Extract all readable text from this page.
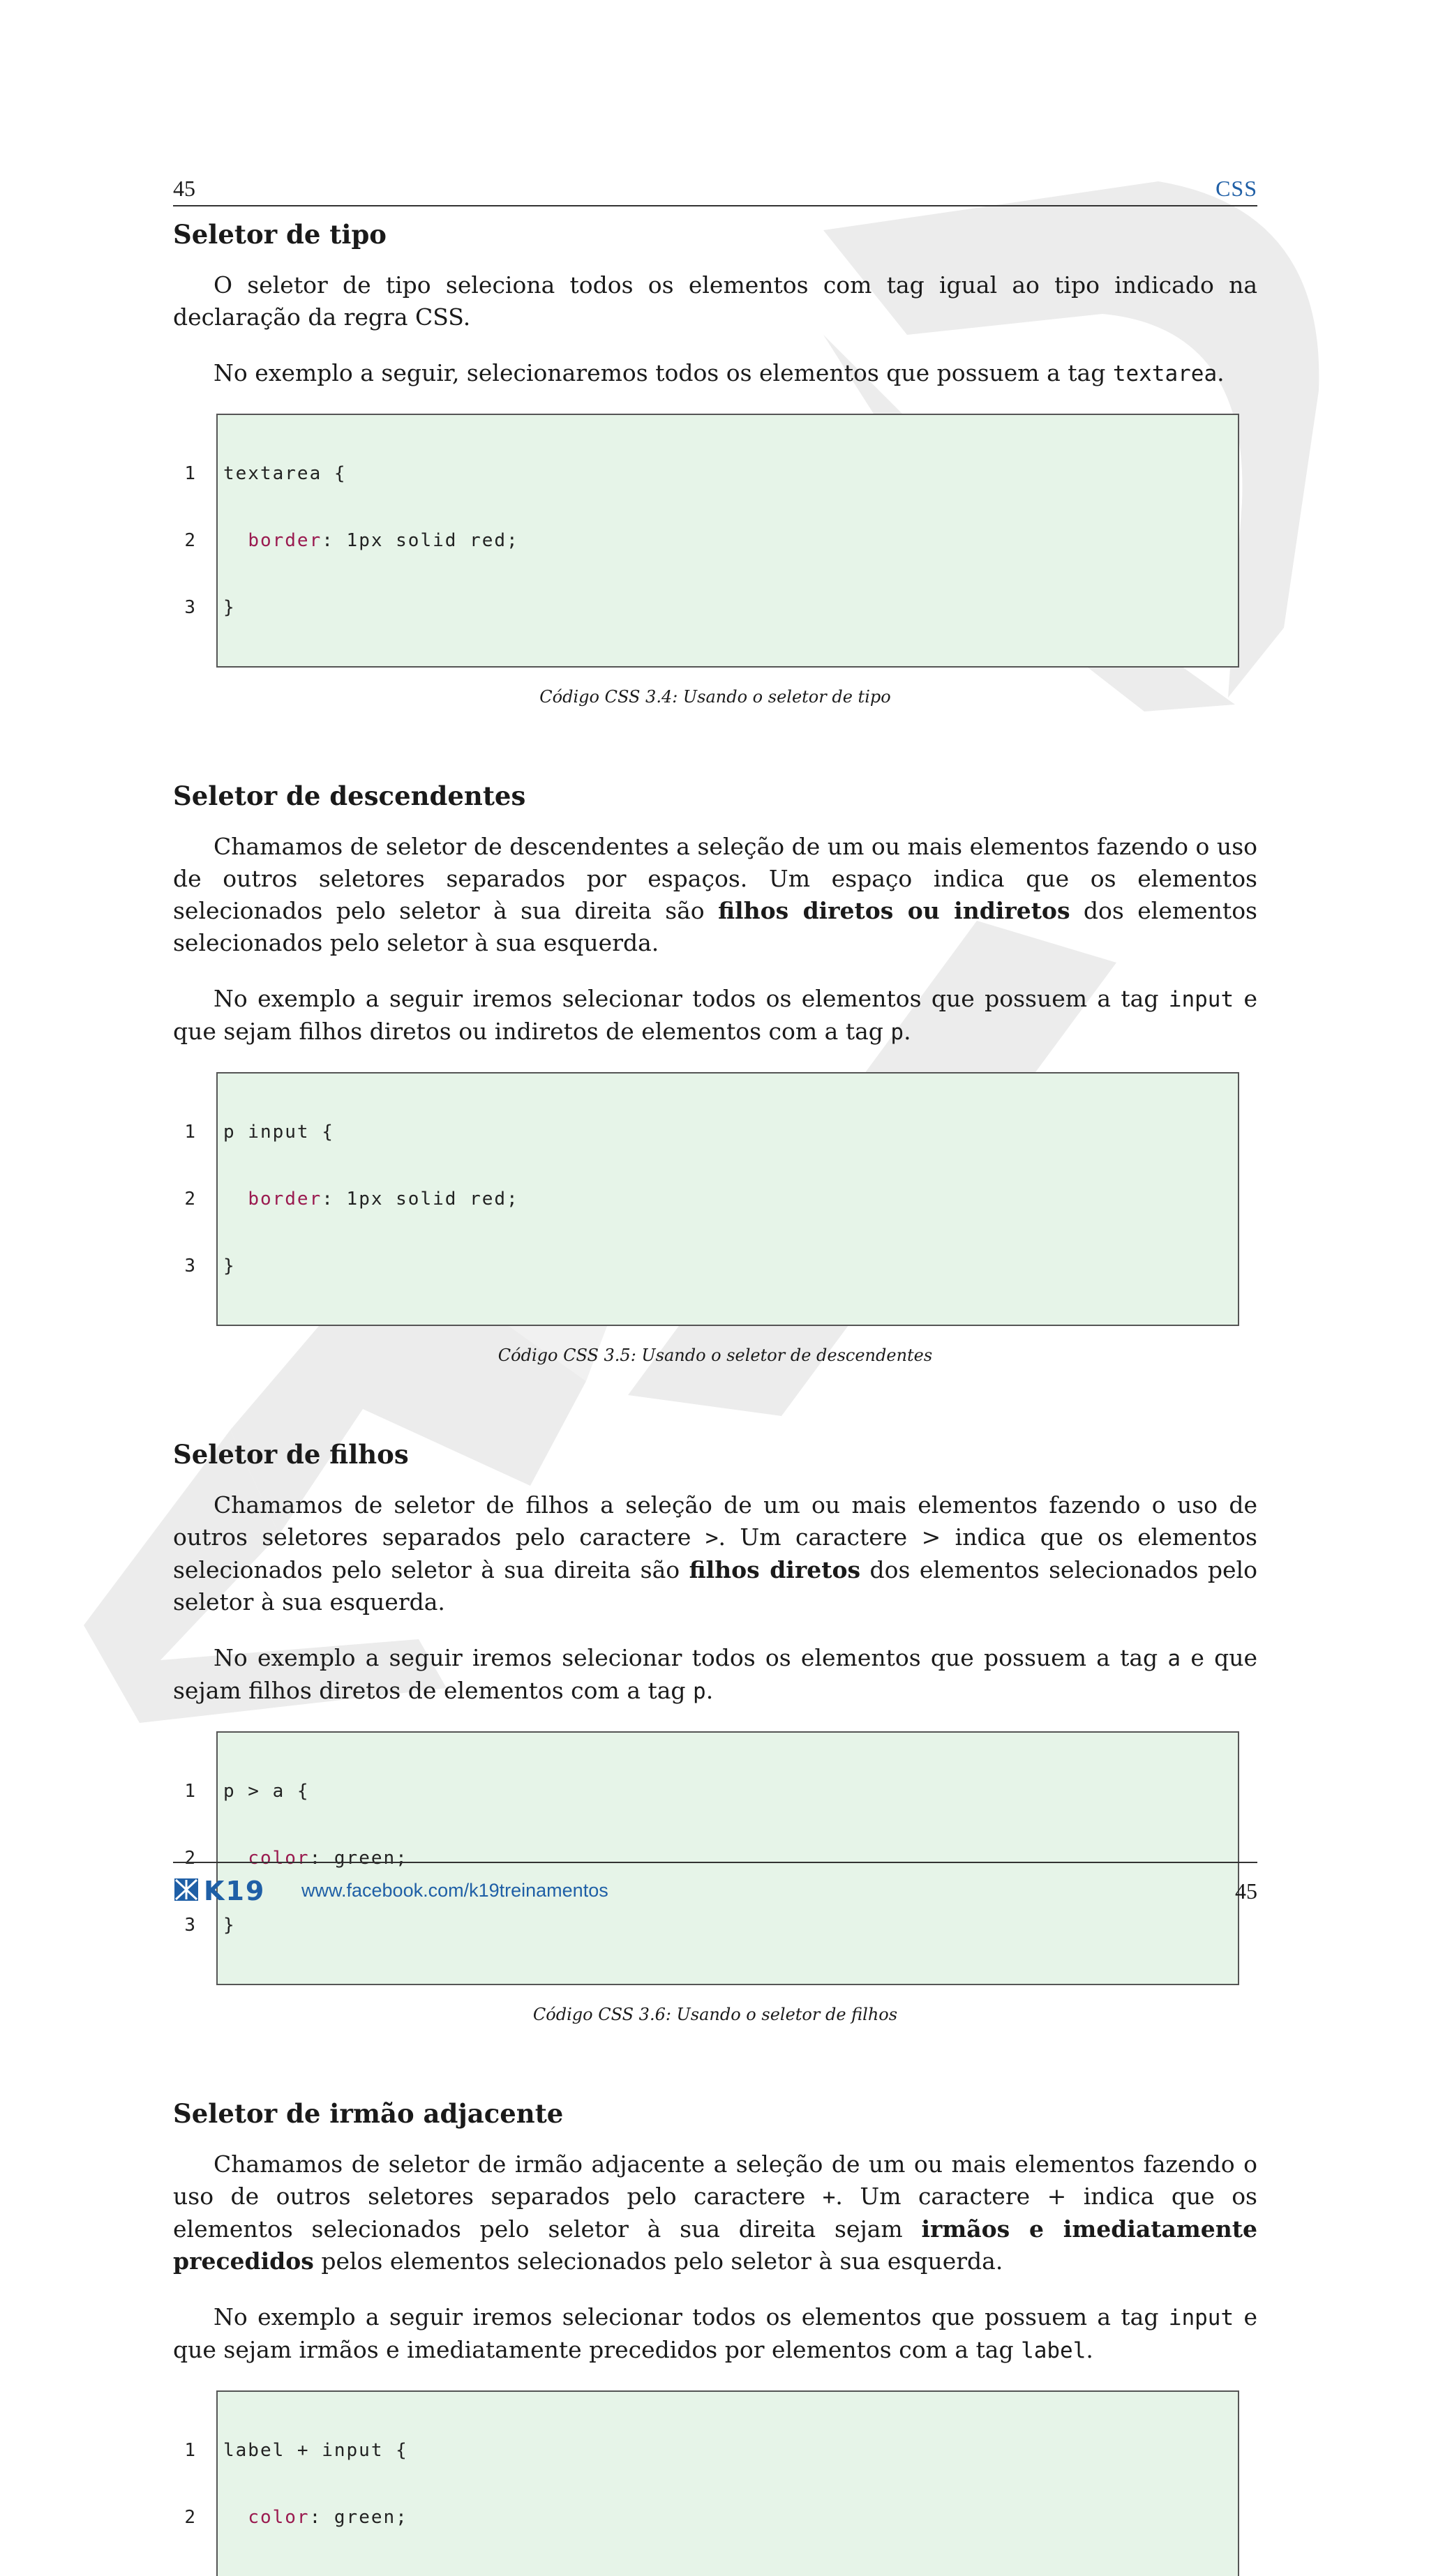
45	CSS
Seletor de tipo

O seletor de tipo seleciona todos os elementos com tag igual ao tipo indicado na declaração da regra CSS.

No exemplo a seguir, selecionaremos todos os elementos que possuem a tag textarea.

1 textarea {

2	border: 1px solid red;

3 }

Código CSS 3.4: Usando o seletor de tipo
Seletor de descendentes

Chamamos de seletor de descendentes a seleção de um ou mais elementos fazendo o uso de outros seletores separados por espaços. Um espaço indica que os elementos selecionados pelo seletor à sua direita são filhos diretos ou indiretos dos elementos selecionados pelo seletor à sua esquerda.

No exemplo a seguir iremos selecionar todos os elementos que possuem a tag input e que sejam filhos diretos ou indiretos de elementos com a tag p.

1 p input {

2	border: 1px solid red;

3 }

Código CSS 3.5: Usando o seletor de descendentes
Seletor de filhos

Chamamos de seletor de filhos a seleção de um ou mais elementos fazendo o uso de outros seletores separados pelo caractere >. Um caractere > indica que os elementos selecionados pelo seletor à sua direita são filhos diretos dos elementos selecionados pelo seletor à sua esquerda.

No exemplo a seguir iremos selecionar todos os elementos que possuem a tag a e que sejam filhos diretos de elementos com a tag p.

1 p > a {

2	color: green;

3 }

Código CSS 3.6: Usando o seletor de filhos
Seletor de irmão adjacente

Chamamos de seletor de irmão adjacente a seleção de um ou mais elementos fazendo o uso de outros seletores separados pelo caractere +. Um caractere + indica que os elementos selecionados pelo seletor à sua direita sejam irmãos e imediatamente precedidos pelos elementos selecionados pelo seletor à sua esquerda.

No exemplo a seguir iremos selecionar todos os elementos que possuem a tag input e que sejam irmãos e imediatamente precedidos por elementos com a tag label.

1 label + input {

2	color: green;

K19 www.facebook.com/k19treinamentos	45
